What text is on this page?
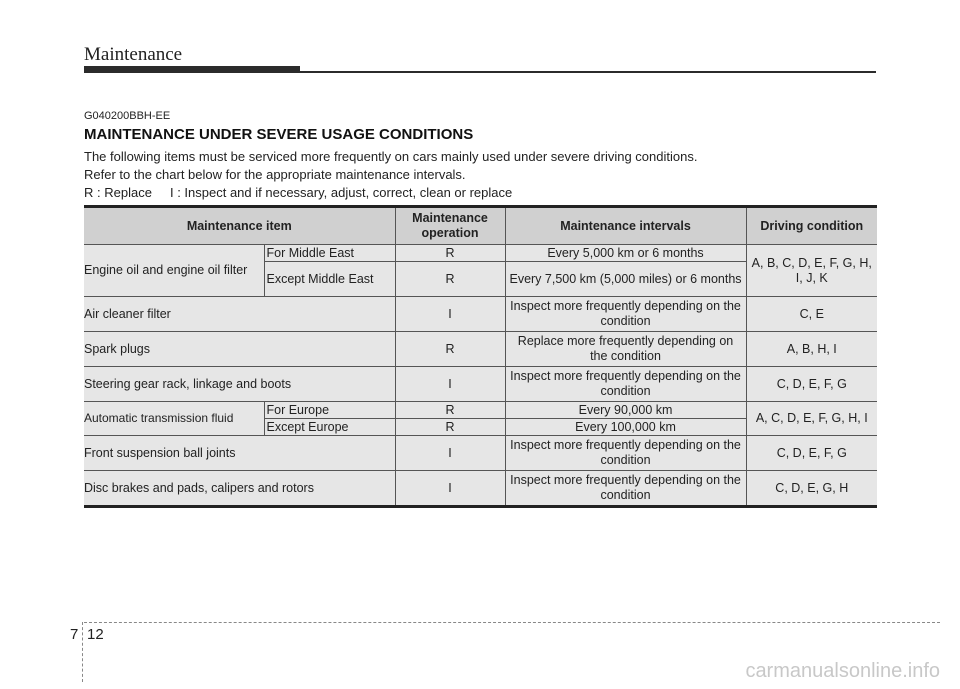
Maintenance
G040200BBH-EE
MAINTENANCE UNDER SEVERE USAGE CONDITIONS
The following items must be serviced more frequently on cars mainly used under severe driving conditions.
Refer to the chart below for the appropriate maintenance intervals.
R : Replace     I : Inspect and if necessary, adjust, correct, clean or replace
Maintenance item		Maintenance operation	Maintenance intervals	Driving condition
Engine oil and engine oil filter	For Middle East	R	Every 5,000 km or 6 months	A, B, C, D, E, F, G, H, I, J, K
	Except Middle East	R	Every 7,500 km (5,000 miles) or 6 months	
Air cleaner filter		I	Inspect more frequently depending on the condition	C, E
Spark plugs		R	Replace more frequently depending on the condition	A, B, H, I
Steering gear rack, linkage and boots		I	Inspect more frequently depending on the condition	C, D, E, F, G
Automatic transmission fluid	For Europe	R	Every 90,000 km	A, C, D, E, F, G, H, I
	Except Europe	R	Every 100,000 km	
Front suspension ball joints		I	Inspect more frequently depending on the condition	C, D, E, F, G
Disc brakes and pads, calipers and rotors		I	Inspect more frequently depending on the condition	C, D, E, G, H
7 12
carmanualsonline.info
